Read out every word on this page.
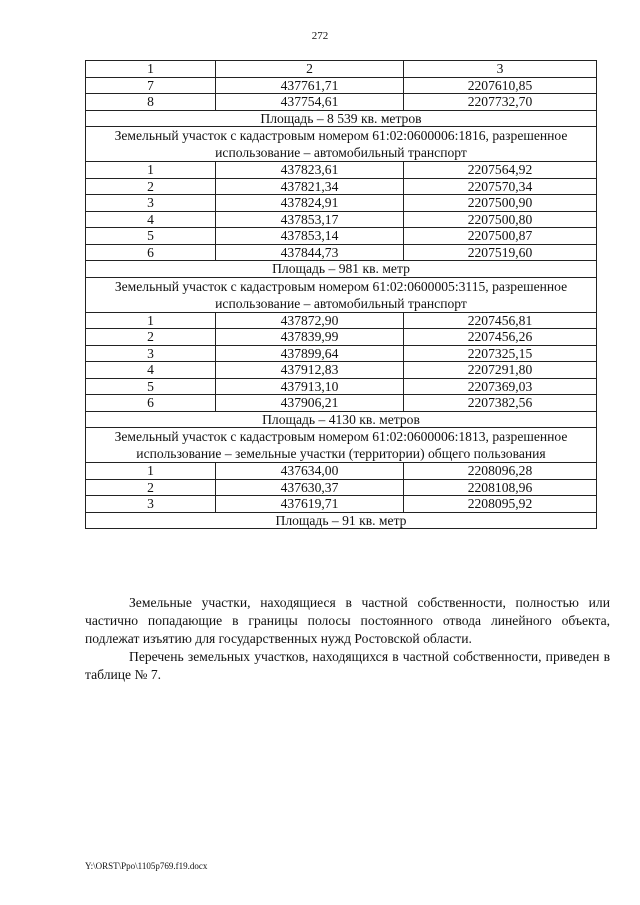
272
1	2	3
7	437761,71	2207610,85
8	437754,61	2207732,70
Площадь – 8 539 кв. метров		
Земельный участок с кадастровым номером 61:02:0600006:1816, разрешенное использование – автомобильный транспорт		
1	437823,61	2207564,92
2	437821,34	2207570,34
3	437824,91	2207500,90
4	437853,17	2207500,80
5	437853,14	2207500,87
6	437844,73	2207519,60
Площадь – 981 кв. метр		
Земельный участок с кадастровым номером 61:02:0600005:3115, разрешенное использование – автомобильный транспорт		
1	437872,90	2207456,81
2	437839,99	2207456,26
3	437899,64	2207325,15
4	437912,83	2207291,80
5	437913,10	2207369,03
6	437906,21	2207382,56
Площадь – 4130 кв. метров		
Земельный участок с кадастровым номером 61:02:0600006:1813, разрешенное использование – земельные участки (территории) общего пользования		
1	437634,00	2208096,28
2	437630,37	2208108,96
3	437619,71	2208095,92
Площадь – 91 кв. метр		

Земельные участки, находящиеся в частной собственности, полностью или частично попадающие в границы полосы постоянного отвода линейного объекта, подлежат изъятию для государственных нужд Ростовской области.

Перечень земельных участков, находящихся в частной собственности, приведен в таблице № 7.

Y:\ORST\Ppo\1105p769.f19.docx
